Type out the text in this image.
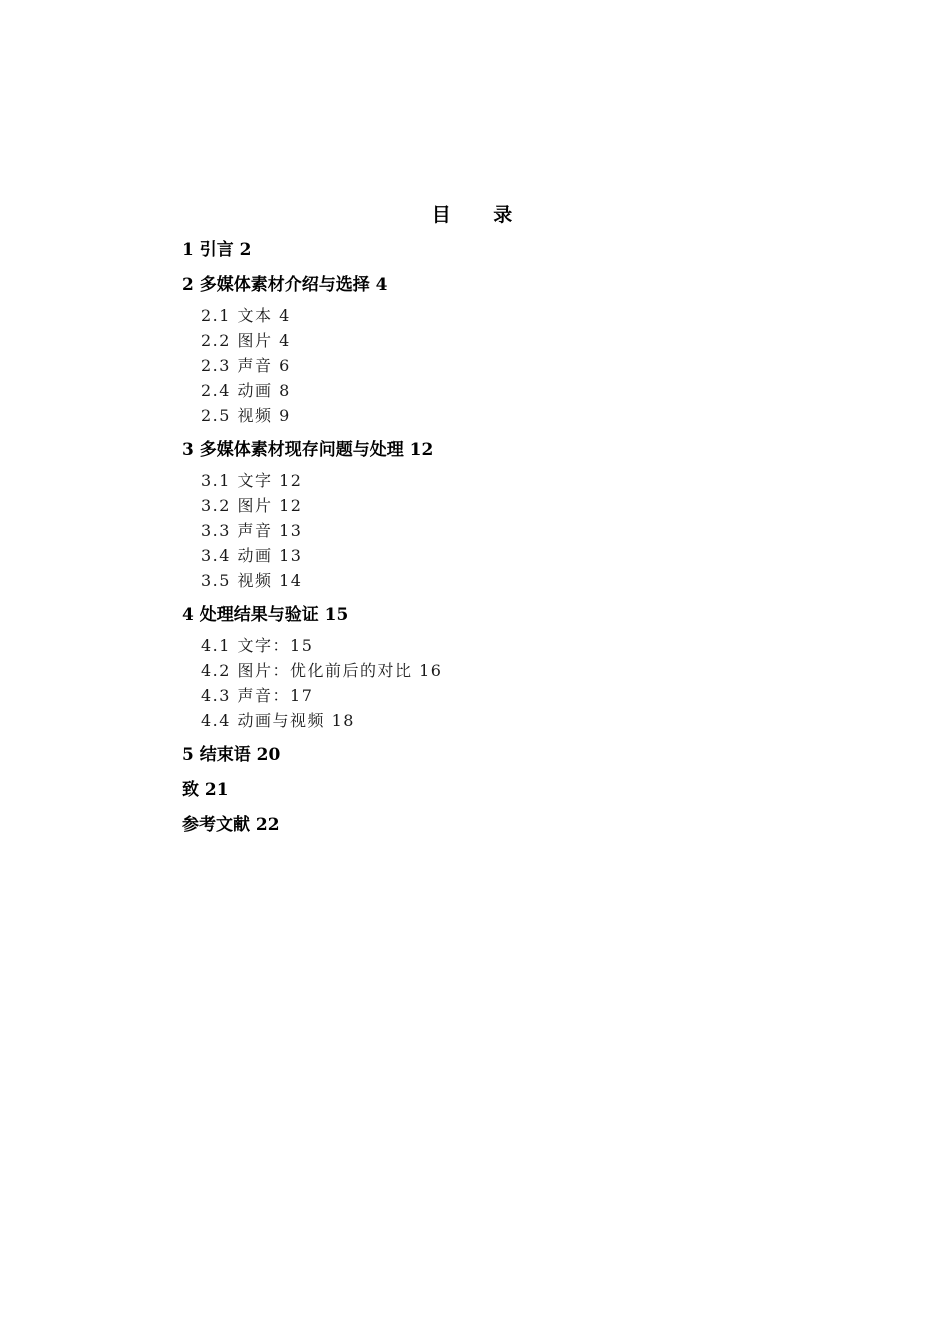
目 录
1 引言 2
2 多媒体素材介绍与选择 4
2.1 文本 4
2.2 图片 4
2.3 声音 6
2.4 动画 8
2.5 视频 9
3 多媒体素材现存问题与处理 12
3.1 文字 12
3.2 图片 12
3.3 声音 13
3.4 动画 13
3.5 视频 14
4 处理结果与验证 15
4.1 文字：15
4.2 图片：优化前后的对比 16
4.3 声音：17
4.4 动画与视频 18
5 结束语 20
致 21
参考文献 22
